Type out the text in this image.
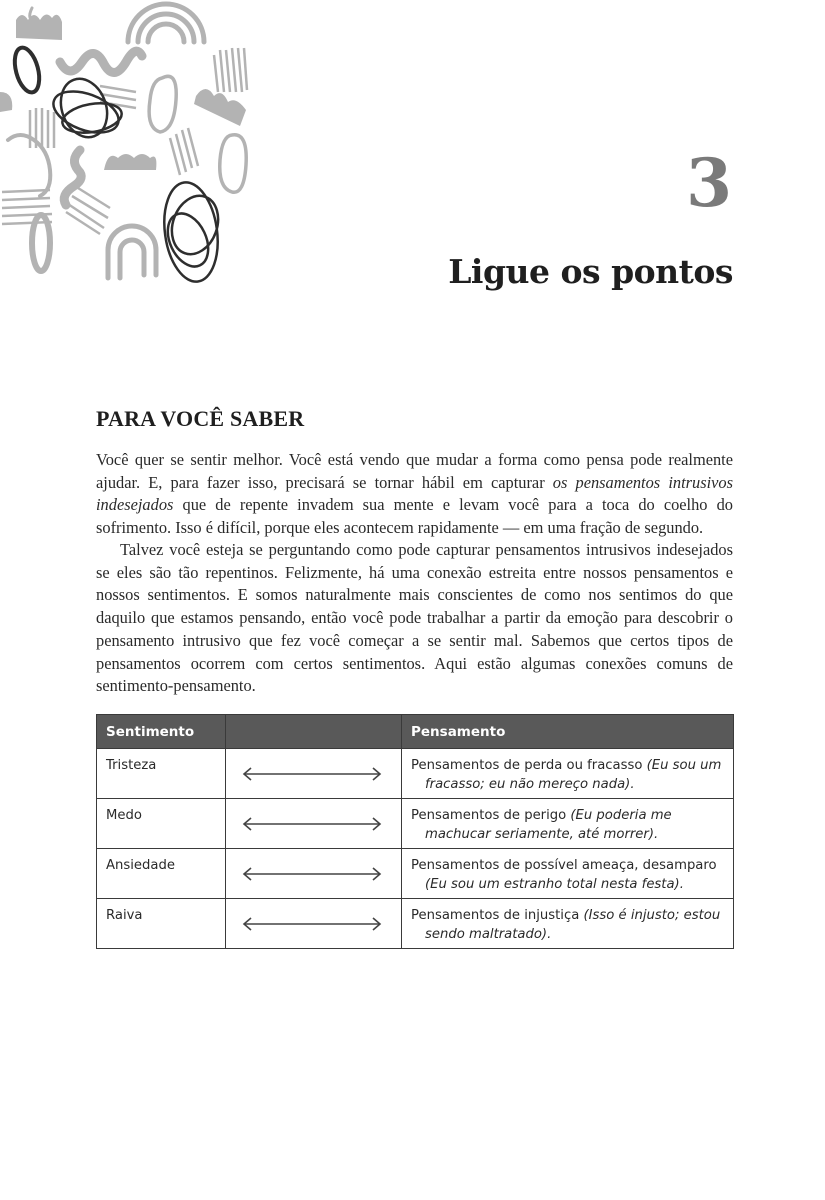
3
Ligue os pontos
PARA VOCÊ SABER

Você quer se sentir melhor. Você está vendo que mudar a forma como pensa pode realmente ajudar. E, para fazer isso, precisará se tornar hábil em capturar os pensamentos intrusivos indesejados que de repente invadem sua mente e levam você para a toca do coelho do sofrimento. Isso é difícil, porque eles acontecem rapidamente — em uma fração de segundo.

Talvez você esteja se perguntando como pode capturar pensamentos intrusivos indesejados se eles são tão repentinos. Felizmente, há uma conexão estreita entre nossos pensamentos e nossos sentimentos. E somos naturalmente mais conscientes de como nos sentimos do que daquilo que estamos pensando, então você pode trabalhar a partir da emoção para descobrir o pensamento intrusivo que fez você começar a se sentir mal. Sabemos que certos tipos de pensamentos ocorrem com certos sentimentos. Aqui estão algumas conexões comuns de sentimento-pensamento.

Sentimento		Pensamento
Tristeza		Pensamentos de perda ou fracasso (Eu sou um
fracasso; eu não mereço nada).

Medo		Pensamentos de perigo (Eu poderia me
machucar seriamente, até morrer).

Ansiedade		Pensamentos de possível ameaça, desamparo
(Eu sou um estranho total nesta festa).

Raiva		Pensamentos de injustiça (Isso é injusto; estou
sendo maltratado).
